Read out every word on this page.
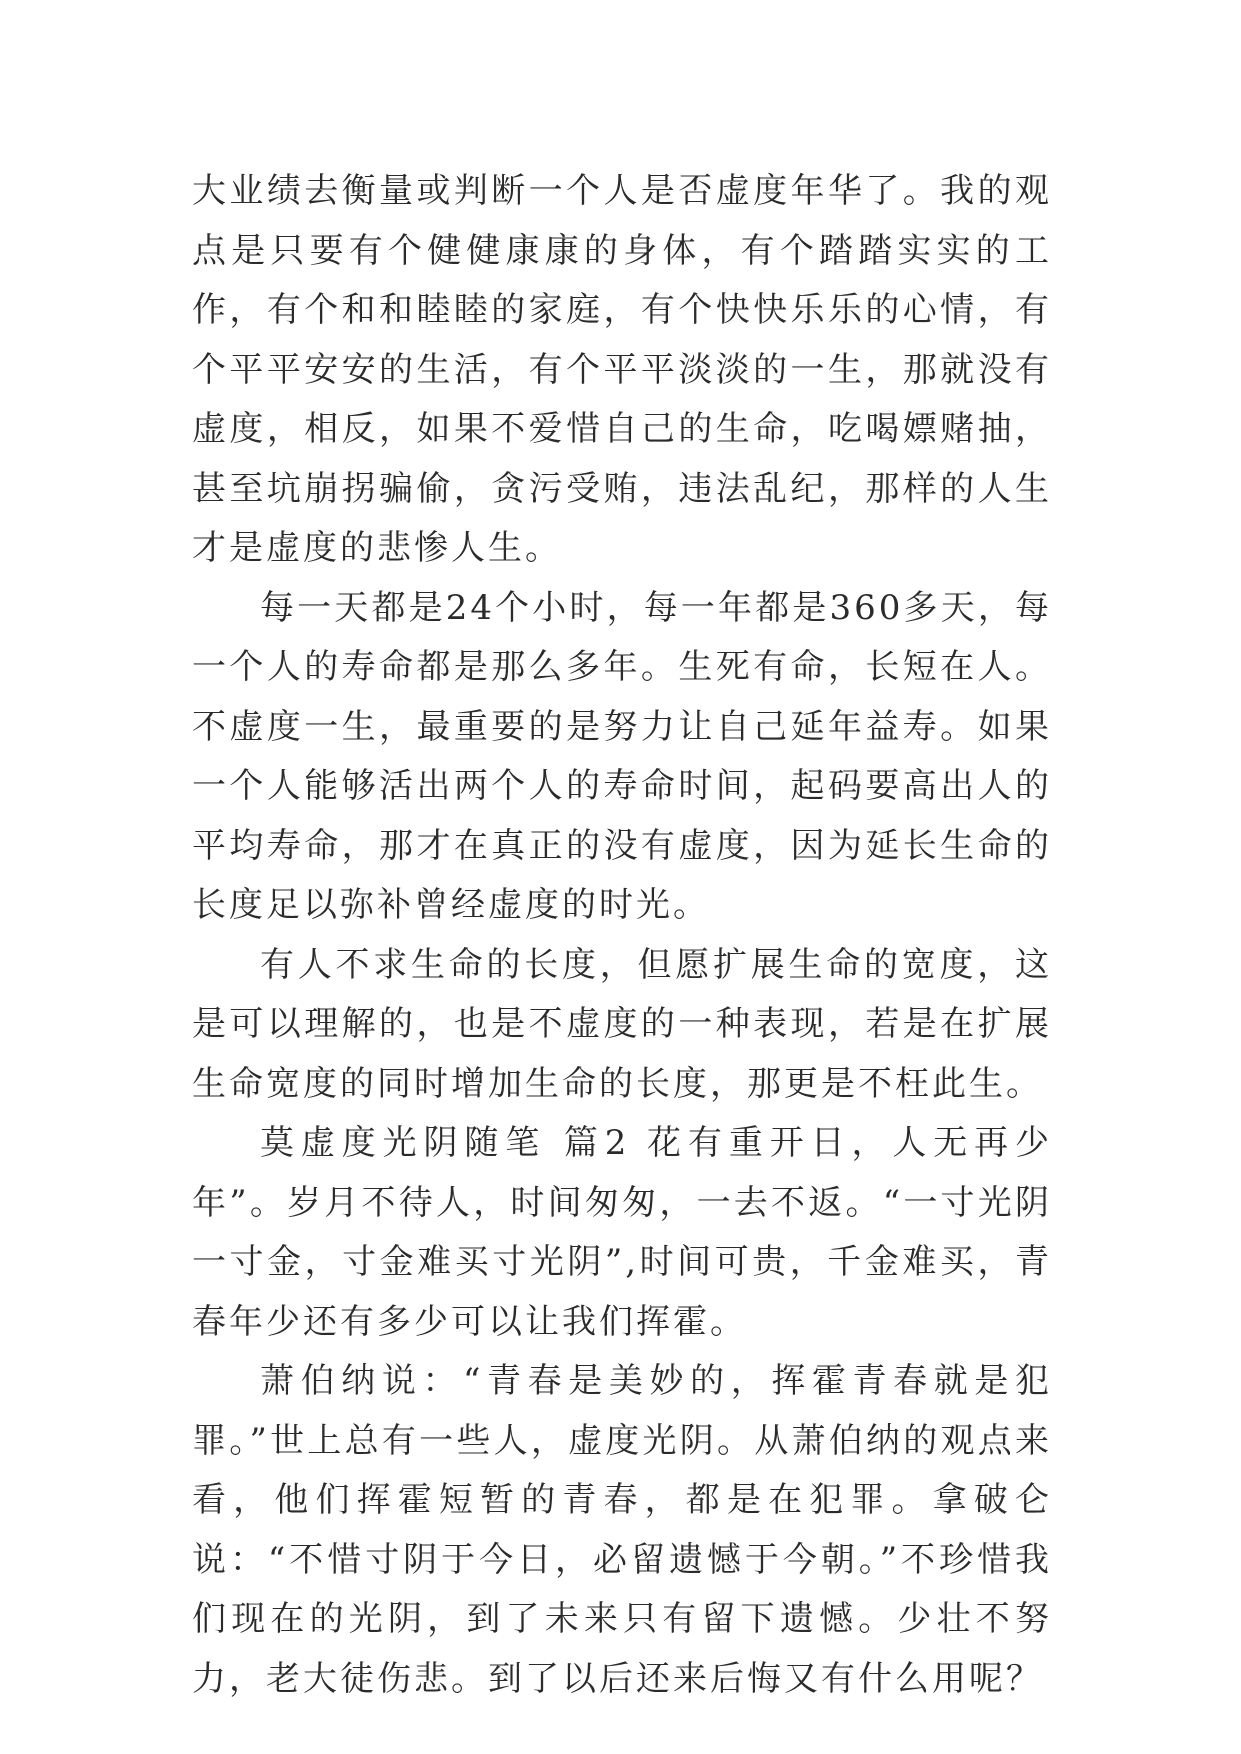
大业绩去衡量或判断一个人是否虚度年华了。我的观点是只要有个健健康康的身体，有个踏踏实实的工作，有个和和睦睦的家庭，有个快快乐乐的心情，有个平平安安的生活，有个平平淡淡的一生，那就没有虚度，相反，如果不爱惜自己的生命，吃喝嫖赌抽，甚至坑崩拐骗偷，贪污受贿，违法乱纪，那样的人生才是虚度的悲惨人生。

每一天都是24个小时，每一年都是360多天，每一个人的寿命都是那么多年。生死有命，长短在人。不虚度一生，最重要的是努力让自己延年益寿。如果一个人能够活出两个人的寿命时间，起码要高出人的平均寿命，那才在真正的没有虚度，因为延长生命的长度足以弥补曾经虚度的时光。

有人不求生命的长度，但愿扩展生命的宽度，这是可以理解的，也是不虚度的一种表现，若是在扩展生命宽度的同时增加生命的长度，那更是不枉此生。

莫虚度光阴随笔 篇2 花有重开日，人无再少年”。岁月不待人，时间匆匆，一去不返。“一寸光阴一寸金，寸金难买寸光阴”,时间可贵，千金难买，青春年少还有多少可以让我们挥霍。

萧伯纳说：“青春是美妙的，挥霍青春就是犯罪。”世上总有一些人，虚度光阴。从萧伯纳的观点来看，他们挥霍短暂的青春，都是在犯罪。拿破仑说：“不惜寸阴于今日，必留遗憾于今朝。”不珍惜我们现在的光阴，到了未来只有留下遗憾。少壮不努力，老大徒伤悲。到了以后还来后悔又有什么用呢？
